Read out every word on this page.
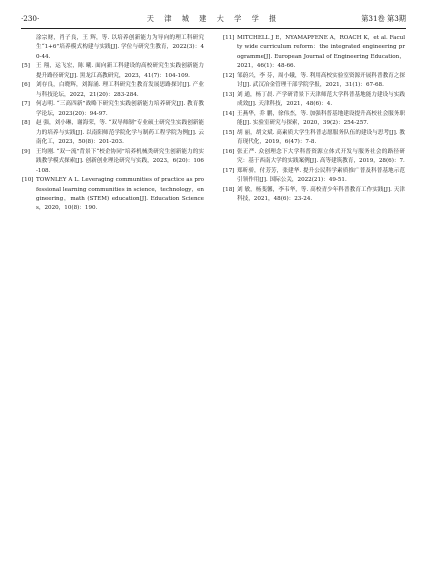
·230·	天 津 城 建 大 学 学 报	第31卷 第3期
涂宗财，肖子良，王 辉，等. 以培养创新能力为导向的理工科研究生“1+6”培养模式构建与实践[J]. 学位与研究生教育，2022(3)：40-44.
[5]	王 翔，运飞宏，陈 曦. 面向新工科建设的高校研究生实践创新能力提升路径研究[J]. 黑龙江高教研究，2023，41(7)：104-109.
[6]	刘存良，白晓辉，刘海涌. 理工科研究生教育发展思路探讨[J]. 产业与科技论坛，2022，21(20)：283-284.
[7]	何志明. “三高四新”战略下研究生实践创新能力培养研究[J]. 教育教学论坛，2023(20)：94-97.
[8]	赵 强，刘小琳，谢海荣，等. “双导师制”专业硕士研究生实践创新能力的培养与实践[J]. 以南阳师范学院化学与制药工程学院为例[J]. 云南化工，2023，50(8)：201-203.
[9]	王均刚. “双一流”背景下“校企协同”培养机械类研究生创新能力的实践教学模式探索[J]. 创新创业理论研究与实践，2023，6(20)：106-108.
[10] TOWNLEY A L. Leveraging communities of practice as professional learning communities in science，technology，engineering，math (STEM) education[J]. Education Sciences，2020，10(8)：190.
[11] MITCHELL J E，NYAMAPFENE A，ROACH K，et al. Faculty wide curriculum reform：the integrated engineering programme[J]. European Journal of Engineering Education，2021，46(1)：48-66.
[12] 邹蔚兴，李 芬，周小娥，等. 利用高校实验室资源开展科普教育之探讨[J]. 武汉冶金管理干部学院学报，2021，31(1)：67-68.
[13] 刘 通，杨丁晨. 产学研背景下天津师范大学科普基地能力建设与实践成效[J]. 天津科技，2021，48(6)：4.
[14] 王燕华，乔 鹏，徐伟杰，等. 加强科普基地建设提升高校社会服务职能[J]. 实验室研究与探索，2020，39(2)：254-257.
[15] 胡 丽，胡文斌. 高素质大学生科普志愿服务队伍的建设与思考[J]. 教育现代化，2019，6(47)：7-8.
[16] 张正严. 众创理念下大学科普资源立体式开发与服务社会的路径研究：基于西南大学的实践案例[J]. 高等建筑教育，2019，28(6)：7.
[17] 郑昕骄，付芳芳，张建华. 提升公民科学素质推广普及科普基地示范引领作用[J]. 国际公关，2022(21)：49-51.
[18] 刘 敏，杨斐馨，李韦华，等. 高校青少年科普教育工作实践[J]. 天津科技，2021，48(6)：23-24.
